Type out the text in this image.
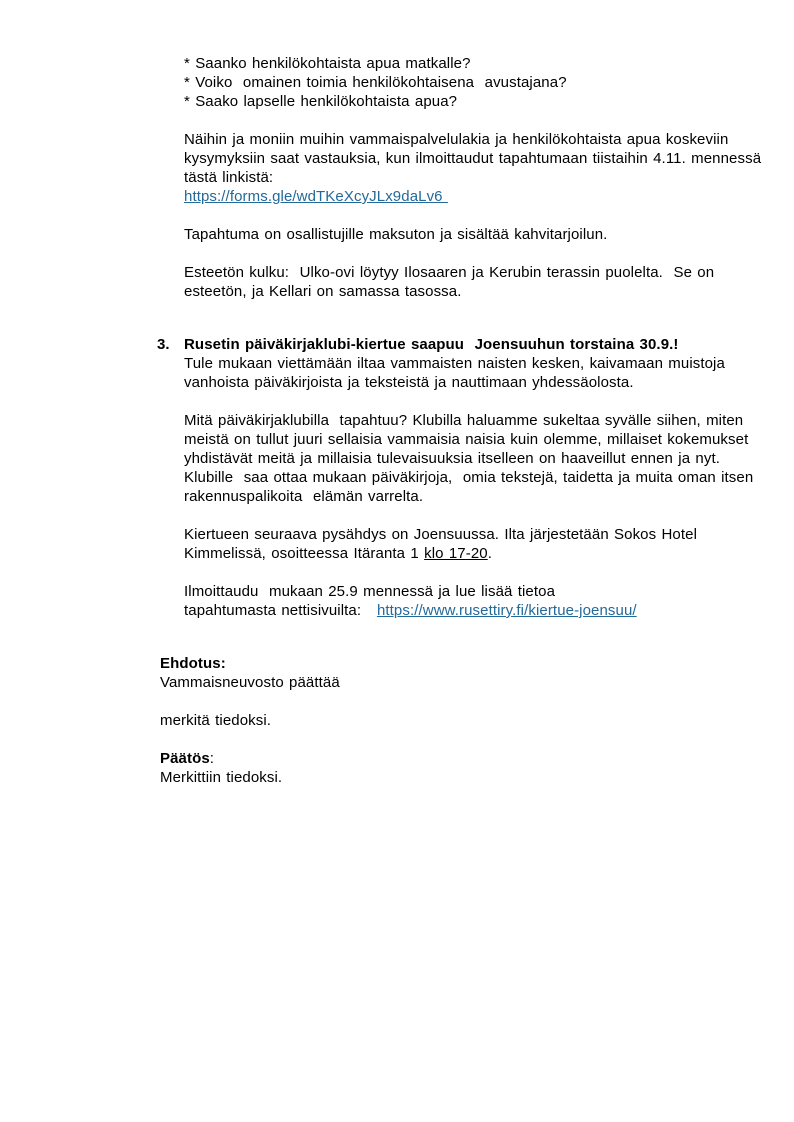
* Saanko henkilökohtaista apua matkalle?
* Voiko  omainen toimia henkilökohtaisena  avustajana?
* Saako lapselle henkilökohtaista apua?
Näihin ja moniin muihin vammaispalvelulakia ja henkilökohtaista apua koskeviin
kysymyksiin saat vastauksia, kun ilmoittaudut tapahtumaan tiistaihin 4.11. mennessä
tästä linkistä:
https://forms.gle/wdTKeXcyJLx9daLv6
Tapahtuma on osallistujille maksuton ja sisältää kahvitarjoilun.
Esteetön kulku:  Ulko-ovi löytyy Ilosaaren ja Kerubin terassin puolelta.  Se on
esteetön, ja Kellari on samassa tasossa.
3. Rusetin päiväkirjaklubi-kiertue saapuu  Joensuuhun torstaina 30.9.!
Tule mukaan viettämään iltaa vammaisten naisten kesken, kaivamaan muistoja
vanhoista päiväkirjoista ja teksteistä ja nauttimaan yhdessäolosta.
Mitä päiväkirjaklubilla  tapahtuu? Klubilla haluamme sukeltaa syvälle siihen, miten
meistä on tullut juuri sellaisia vammaisia naisia kuin olemme, millaiset kokemukset
yhdistävät meitä ja millaisia tulevaisuuksia itselleen on haaveillut ennen ja nyt.
Klubille  saa ottaa mukaan päiväkirjoja,  omia tekstejä, taidetta ja muita oman itsen
rakennuspalikoita  elämän varrelta.
Kiertueen seuraava pysähdys on Joensuussa. Ilta järjestetään Sokos Hotel
Kimmelissä, osoitteessa Itäranta 1 klo 17-20.
Ilmoittaudu  mukaan 25.9 mennessä ja lue lisää tietoa
tapahtumasta nettisivuilta:   https://www.rusettiry.fi/kiertue-joensuu/
Ehdotus:
Vammaisneuvosto päättää
merkitä tiedoksi.
Päätös:
Merkittiin tiedoksi.
